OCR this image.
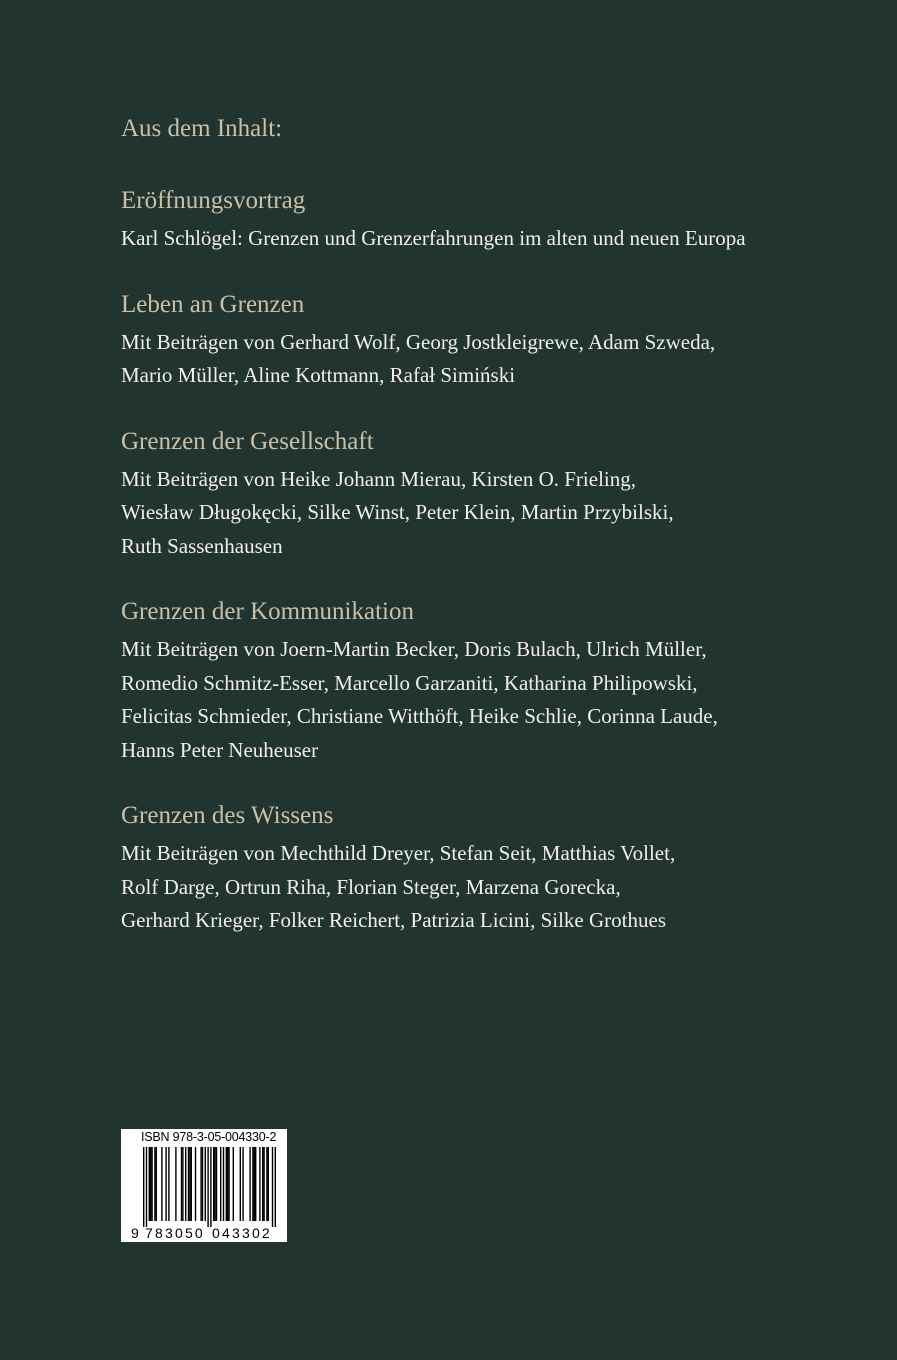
Aus dem Inhalt:
Eröffnungsvortrag
Karl Schlögel: Grenzen und Grenzerfahrungen im alten und neuen Europa
Leben an Grenzen
Mit Beiträgen von Gerhard Wolf, Georg Jostkleigrewe, Adam Szweda,
Mario Müller, Aline Kottmann, Rafał Simiński
Grenzen der Gesellschaft
Mit Beiträgen von Heike Johann Mierau, Kirsten O. Frieling,
Wiesław Długokęcki, Silke Winst, Peter Klein, Martin Przybilski,
Ruth Sassenhausen
Grenzen der Kommunikation
Mit Beiträgen von Joern-Martin Becker, Doris Bulach, Ulrich Müller,
Romedio Schmitz-Esser, Marcello Garzaniti, Katharina Philipowski,
Felicitas Schmieder, Christiane Witthöft, Heike Schlie, Corinna Laude,
Hanns Peter Neuheuser
Grenzen des Wissens
Mit Beiträgen von Mechthild Dreyer, Stefan Seit, Matthias Vollet,
Rolf Darge, Ortrun Riha, Florian Steger, Marzena Gorecka,
Gerhard Krieger, Folker Reichert, Patrizia Licini, Silke Grothues
ISBN 978-3-05-004330-2
9 783050 043302
